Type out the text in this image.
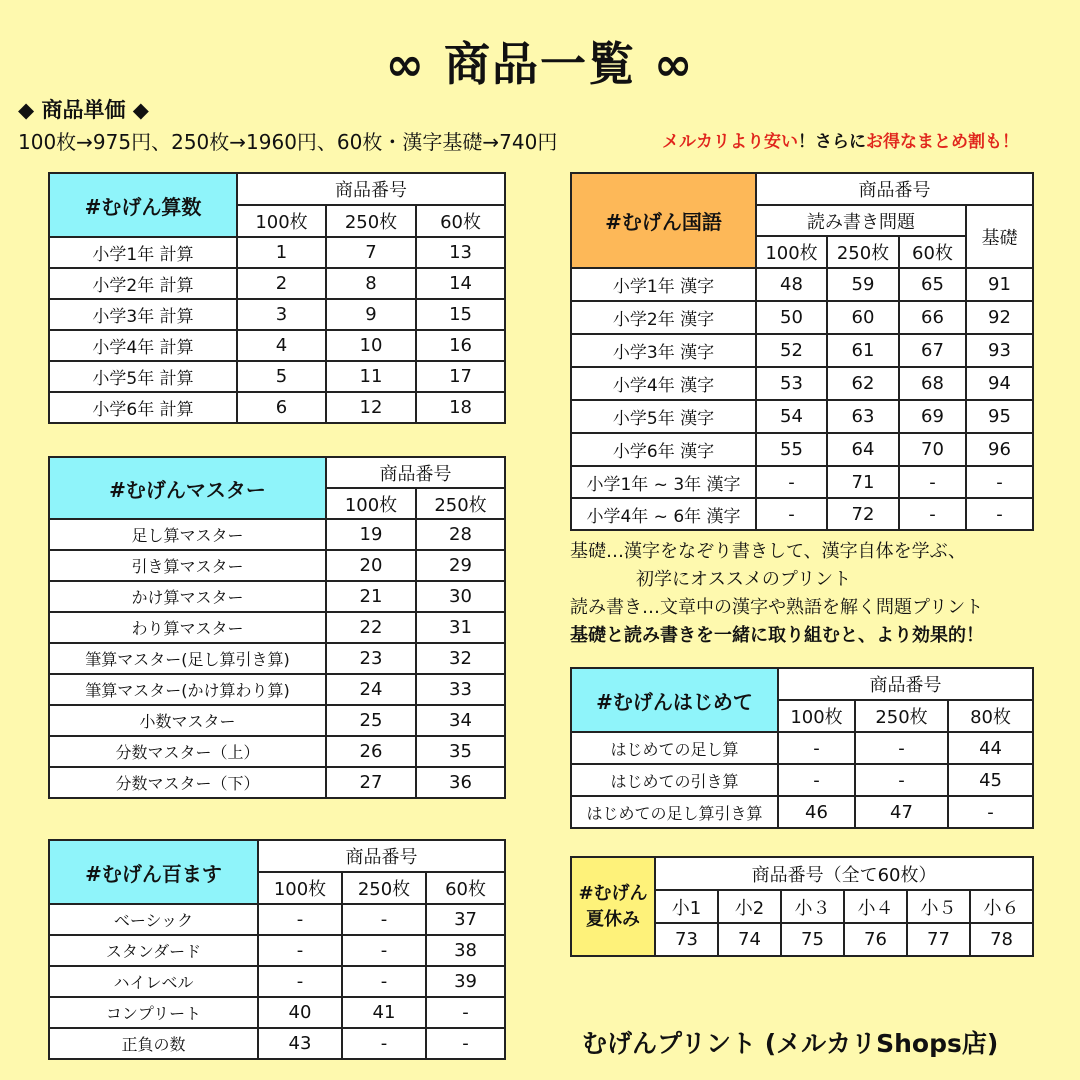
∞ 商品一覧 ∞
◆ 商品単価 ◆
100枚→975円、250枚→1960円、60枚・漢字基礎→740円	メルカリより安い！さらにお得なまとめ割も！
#むげん算数	商品番号		
	100枚	250枚	60枚
小学1年 計算	1	7	13
小学2年 計算	2	8	14
小学3年 計算	3	9	15
小学4年 計算	4	10	16
小学5年 計算	5	11	17
小学6年 計算	6	12	18
#むげんマスター	商品番号	
	100枚	250枚
足し算マスター	19	28
引き算マスター	20	29
かけ算マスター	21	30
わり算マスター	22	31
筆算マスター(足し算引き算)	23	32
筆算マスター(かけ算わり算)	24	33
小数マスター	25	34
分数マスター（上）	26	35
分数マスター（下）	27	36
#むげん百ます	商品番号		
	100枚	250枚	60枚
ベーシック	-	-	37
スタンダード	-	-	38
ハイレベル	-	-	39
コンプリート	40	41	-
正負の数	43	-	-
#むげん国語	商品番号			
	読み書き問題			基礎
	100枚	250枚	60枚	
小学1年 漢字	48	59	65	91
小学2年 漢字	50	60	66	92
小学3年 漢字	52	61	67	93
小学4年 漢字	53	62	68	94
小学5年 漢字	54	63	69	95
小学6年 漢字	55	64	70	96
小学1年 ~ 3年 漢字	-	71	-	-
小学4年 ~ 6年 漢字	-	72	-	-
基礎…漢字をなぞり書きして、漢字自体を学ぶ、
初学にオススメのプリント
読み書き…文章中の漢字や熟語を解く問題プリント
基礎と読み書きを一緒に取り組むと、より効果的！
#むげんはじめて	商品番号		
	100枚	250枚	80枚
はじめての足し算	-	-	44
はじめての引き算	-	-	45
はじめての足し算引き算	46	47	-
#むげん
夏休み	商品番号（全て60枚）					
	小1	小2	小３	小４	小５	小６
	73	74	75	76	77	78
むげんプリント (メルカリShops店)
